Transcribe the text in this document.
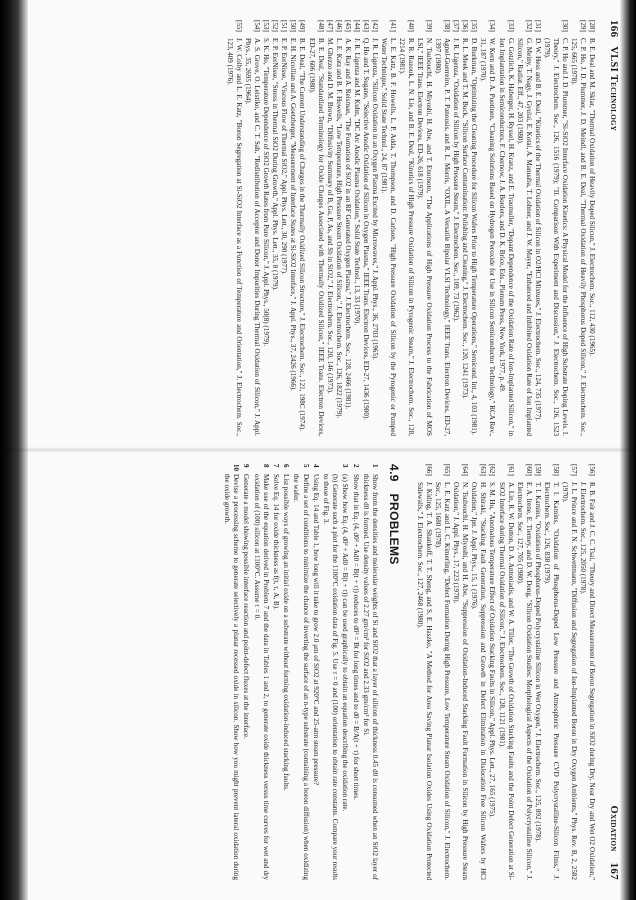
166 VLSI Technology

[28]B. E. Deal and M. Sklar, "Thermal Oxidation of Heavily Doped Silicon," J. Electrochem. Soc., 112, 430 (1965).

[29]C. P. Ho, J. D. Plummer, J. D. Meindl, and B. E. Deal, "Thermal Oxidation of Heavily Phosphorus Doped Silicon," J. Electrochem. Soc., 125, 665 (1978).

[30]C. P. Ho and J. D. Plummer, "Si-SiO2 Interface Oxidation Kinetics: A Physical Model for the Influence of High Substrate Doping Levels. I. Theory," J. Electrochem. Soc., 126, 1516 (1979); "II. Comparison With Experiment and Discussion," J. Electrochem. Soc., 126, 1523 (1979).

[31]D. W. Hess and B. E. Deal, "Kinetics of the Thermal Oxidation of Silicon in O2/HCl Mixtures," J. Electrochem. Soc., 124, 735 (1977).

[32]G. Meiny, T. Nagy, J. Gyulai, E. Kotai, A. Manuaba, T. Lohner, and J. W. Mayer, "Enhanced and Inhibited Oxidation Rate of Ion Implanted Silicon," Radiat. Eff., 47, 203 (1980).

[33]G. Gotzlich, K. Haberger, H. Ryssel, H. Kranz, and E. Traumuller, "Dopant Dependence of the Oxidation Rate of Ion-Implanted Silicon," in Ion Implantation in Semiconductors, F. Chernow, J. A. Borders, and D. K. Brice, Eds., Plenum Press, New York, 1977, p. 49.

[34]W. Kern and D. A. Puotinen, "Cleaning Solutions Based on Hydrogen Peroxide for Use in Silicon Semiconductor Technology," RCA Rev., 31, 187 (1970).

[35]D. Burkman, "Optimizing the Cleaning Procedure for Silicon Wafers Prior to High Temperature Operations," Semicond. Int., 4, 103 (1981).

[36]R. L. Meek and T. M. Buck, "Silicon Surface Contamination: Polishing and Cleaning," J. Electrochem. Soc., 120, 1241 (1973).

[37]J. R. Ligenza, "Oxidation of Silicon by High Pressure Steam," J. Electrochem. Soc., 109, 73 (1962).

[38]Agnel-Guerreiro, P. T. Panousis, and R. L. Morris, "OXIL, A Versatile Bipolar VLSI Technology," IEEE Trans. Electron Devices, ED-27, 1397 (1980).

[39]N. Tsubouchi, H. Miyoshi, H. Abe, and T. Enomoto, "The Applications of High Pressure Oxidation Process to the Fabrication of MOS LSI," IEEE Trans. Electron Devices, ED-26, 618 (1979).

[40]R. R. Razouk, L. N. Lie, and B. E. Deal, "Kinetics of High Pressure Oxidation of Silicon in Pyrogenic Steam," J. Electrochem. Soc., 128, 2214 (1981).

[41]L. E. Katz, B. F. Howells, L. P. Adda, T. Thompson, and D. Carlson, "High Pressure Oxidation of Silicon by the Pyrogenic or Pumped Water Technique," Solid State Technol., 24, 87 (1981).

[42]J. R. Ligenza, "Silicon Oxidation in an Oxygen Plasma Excited by Microwaves," J. Appl. Phys., 36, 2703 (1965).

[43]Q. Ho and T. Sugano, "Selective Anodic Oxidation of Silicon in Oxygen Plasma," IEEE Trans. Electron Devices, ED-27, 1436 (1980).

[44]J. R. Ligenza and M. Kuhn, "DC Arc Anodic Plasma Oxidation," Solid State Technol., 13, 33 (1970).

[45]A. K. Ray and A. Reisman, "The Formation of SiO2 in an RF Generated Oxygen Plasma," J. Electrochem. Soc., 128, 2466 (1981).

[46]L. E. Katz and B. F. Howells, "Low Temperature, High Pressure Steam Oxidation of Silicon," J. Electrochem. Soc., 126, 1822 (1979).

[47]M. Ghezzo and D. M. Brown, "Diffusivity Summary of B, Ga, P, As, and Sb in SiO2," J. Electrochem. Soc., 120, 146 (1973).

[48]B. E. Deal, "Standardized Terminology for Oxide Charges Associated with Thermally Oxidized Silicon," IEEE Trans. Electron Devices, ED-27, 606 (1980).

[49]B. E. Deal, "The Current Understanding of Charges in the Thermally Oxidized Silicon Structure," J. Electrochem. Soc., 121, 198C (1974).

[50]E. H. Nicollian and A. Goetzberger, "Measurement of Interface States at Si-SiO2 Interface," J. Appl. Phys., 37, 2426 (1966).

[51]E. P. EerNisse, "Viscous Flow of Thermal SiO2," Appl. Phys. Lett., 30, 290 (1977).

[52]E. P. EerNisse, "Stress in Thermal SiO2 During Growth," Appl. Phys. Lett., 35, 8 (1979).

[53]S. K. Ho, "Temperature Dependence of SiO2 Growth Rates from Pure Silicon," J. Appl. Phys., 50(8) (1979).

[54]A. S. Grove, O. Leistiko, and C. T. Sah, "Redistribution of Acceptor and Donor Impurities During Thermal Oxidation of Silicon," J. Appl. Phys., 35, 2695 (1964).

[55]J. W. Colby and L. E. Katz, "Boron Segregation at Si-SiO2 Interface as a Function of Temperature and Orientation," J. Electrochem. Soc., 123, 409 (1976).

Oxidation 167

[56]R. B. Fair and J. C. C. Tsai, "Theory and Direct Measurement of Boron Segregation in SiO2 during Dry, Near Dry and Wet O2 Oxidation," J. Electrochem. Soc., 125, 2050 (1978).

[57]J. L. Prince and F. N. Schwettmann, "Diffusion and Segregation of Ion-Implanted Boron in Dry Oxygen Ambients," Phys. Rev. B, 2, 2582 (1970).

[58]T. I. Kamins, "Oxidation of Phosphorus-Doped Low Pressure and Atmospheric Pressure CVD Polycrystalline-Silicon Films," J. Electrochem. Soc., 126, 838 (1979).

[59]T. I. Kamins, "Oxidation of Phosphorus-Doped Polycrystalline Silicon in Wet Oxygen," J. Electrochem. Soc., 125, 892 (1978).

[60]E. A. Irene, E. Tierney, and D. W. Dong, "Silicon Oxidation Studies: Morphological Aspects of the Oxidation of Polycrystalline Silicon," J. Electrochem. Soc., 127, 705 (1980).

[61]A. Lin, R. W. Dutton, D. A. Antoniadis, and W. A. Tiller, "The Growth of Oxidation Stacking Faults and the Point Defect Generation at Si-SiO2 Interface during Thermal Oxidation of Silicon," J. Electrochem. Soc., 128, 1121 (1981).

[62]S. M. Hu, "Anomalous Temperature Effect of Oxidation Stacking Faults in Silicon," Appl. Phys. Lett., 27, 165 (1975).

[63]H. Shiraki, "Stacking Fault Generation, Suppression and Growth in Defect Elimination in Dislocation Free Silicon Wafers by HCl Oxidation," Jpn. J. Appl. Phys., 15, 1 (1976).

[64]N. Tsubouchi, H. Miyoshi, and H. Abe, "Suppression of Oxidation-Induced Stacking Fault Formation in Silicon by High Pressure Steam Oxidation," J. Appl. Phys., 17, 223 (1978).

[65]L. E. Katz and L. C. Kimerling, "Defect Formation During High Pressure, Low Temperature Steam Oxidation of Silicon," J. Electrochem. Soc., 125, 1680 (1978).

[66]J. Kiding, T. A. Shankoff, T. T. Sheng, and S. E. Haszko, "A Method for Area Saving Planar Isolation Oxides Using Oxidation Protected Sidewalls," J. Electrochem. Soc., 127, 2468 (1980).

4.9 PROBLEMS

1Show from the densities and molecular weights of Si and SiO2 that a layer of silicon of thickness 0.45 d0 is consumed when an SiO2 layer of thickness d0 is formed. Use density values of 2.27 gm/cm³ for SiO2 and 2.33 gm/cm³ for Si.

2Show that in Eq. (4, d0² + Ad0 = B(t + τ)) reduces to d0² = Bt for long times and to d0 = B/A(t + τ) for short times.

3(a) Show how Eq. (4, d0² + Ad0 = B(t + τ)) can be used graphically to obtain an equation describing the oxidation rate.

(b) Generate such a plot for the 1100°C oxidation data of Fig. 5. Use τ = 0 and (100) orientation to obtain rate constants. Compare your results to those of Fig. 3.

4Using Eq. 14 and Table 1, how long will it take to grow 2.0 μm of SiO2 at 920°C and 25-atm steam pressure?

5Define a set of conditions to minimize the chance of inverting the surface of an n-type substrate (containing a boron diffusion) when oxidizing the wafer.

6List possible ways of growing an initial oxide on a substrate without forming oxidation-induced stacking faults.

7Solve Eq. 14 for oxide thickness as f(t, τ, A, B).

8Make use of the equation derived in Problem 7 and the data in Tables 1 and 2, to generate oxide thickness versus time curves for wet and dry oxidation of (100) silicon at 1100°C. Assume τ = 0.

9Generate a model showing possible interface reaction and point-defect fluxes at the interface.

10Devise a processing scheme to generate selectively a planar recessed oxide in silicon. Show how you might prevent lateral oxidation during the oxide growth.
